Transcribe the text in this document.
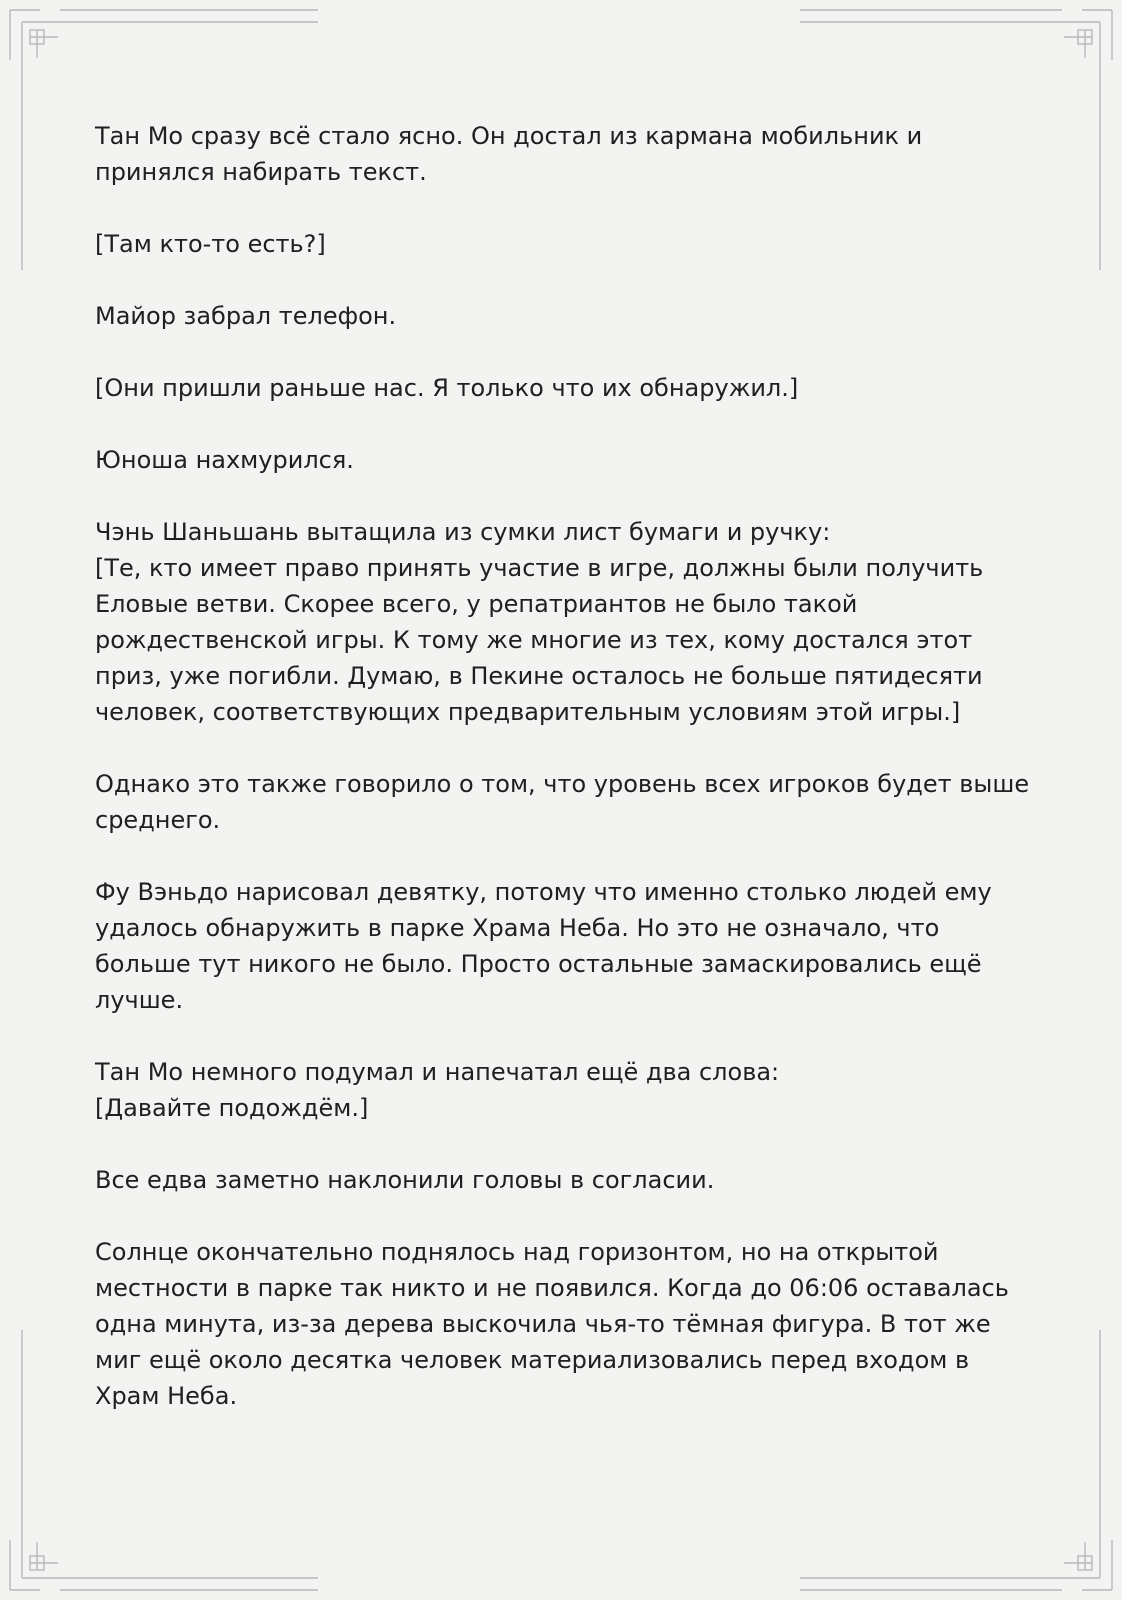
Тан Мо сразу всё стало ясно. Он достал из кармана мобильник и принялся набирать текст.

[Там кто-то есть?]

Майор забрал телефон.

[Они пришли раньше нас. Я только что их обнаружил.]

Юноша нахмурился.

Чэнь Шаньшань вытащила из сумки лист бумаги и ручку:
[Те, кто имеет право принять участие в игре, должны были получить Еловые ветви. Скорее всего, у репатриантов не было такой рождественской игры. К тому же многие из тех, кому достался этот приз, уже погибли. Думаю, в Пекине осталось не больше пятидесяти человек, соответствующих предварительным условиям этой игры.]

Однако это также говорило о том, что уровень всех игроков будет выше среднего.

Фу Вэньдо нарисовал девятку, потому что именно столько людей ему удалось обнаружить в парке Храма Неба. Но это не означало, что больше тут никого не было. Просто остальные замаскировались ещё лучше.

Тан Мо немного подумал и напечатал ещё два слова:
[Давайте подождём.]

Все едва заметно наклонили головы в согласии.

Солнце окончательно поднялось над горизонтом, но на открытой местности в парке так никто и не появился. Когда до 06:06 оставалась одна минута, из-за дерева выскочила чья-то тёмная фигура. В тот же миг ещё около десятка человек материализовались перед входом в Храм Неба.
